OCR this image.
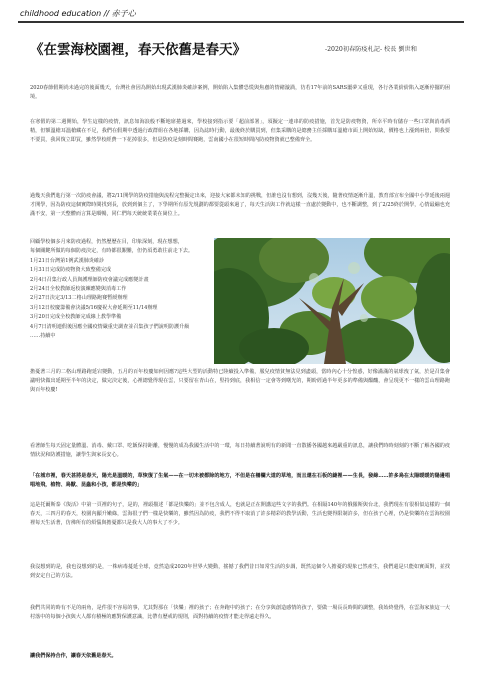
childhood education // 赤子心
《在雲海校園裡，春天依舊是春天》	-2020初春防疫札記- 校長 劉世和
2020春節假期尚未過完的後面幾天，台灣社會因為開始出現武漢肺炎確診案例，開始陷入集體恐慌與焦慮的情緒漩渦，彷若17年前的SARS噩夢又重現，各行各業紛紛陷入逐漸停擺的困境。
在寒假的第二週開始，學生這樣的疫情，訊息如海浪般不斷地席捲過來，學校接到指示要「超前部署」，須擬定一連串的防疫措施，首先是防疫物資，所幸平時有儲存一些口罩與消毒酒精，但額溫槍耳溫槍藏在不足，我們在假期中透過行政群組在各地採購，因為誌時行動，最後終於購買到，但集采購的是總務主任採購耳溫槍市面上開始短缺，價格也上漲到兩倍，問我要不要買，我回復立即買，雖然學校經費一下花掉很多，但是防疫是刻時間賽跑，雲南國小在很短時間內防疫物資就已整備齊全。
過幾天我們進行第一次防疫會議，將2/11開學的防疫措施與流程完整擬定出來，迎接大家都未知的挑戰，但誰也沒有想到，沒幾天後，隨著疫情逐漸升溫，教育部宣布全國中小學延後兩週才開學，因為防疫這個實際時間找到長，放到到個主了，下學期所有原先規劃的都要從頭來過了，每天生活與工作就這樣一直處於變動中，也不斷調整，到了2/25終於開學，心情最繃也充滿不安，第一天整體而言算是順暢，同仁們每天統統業業在崗位上。
回顧學校個多月來防疫過程，仍然歷歷在目，印象深刻，現在想想，
每個關鍵所做的每個防疫決定，有時都很艱難，但仍須勇敢往前走下去。
1月21日台灣第1例武漢肺炎確診
1月31日完成防疫物資大致整備完成
2月4日召集行政人員與護理師防疫會議完成應變計畫
2月24日全校教師返校演練應變與消毒工作
2月27日決定3/13二格山理路跑賽暫緩辦理
3月12日校慶籌備會決議5/16慶祝大會延期至11/14辦理
3月20日完成全校教師完成線上教學準備
4月7日清明連假後因應全國疫情嚴重史調查並召集孩子們說明防護升級
……持續中
擔憂著三月的二格山理路跑延宕變動，五月的百年校慶如何因應?這些大型的活動特已陸續投入準備，服兒疫情貧無法見到盡頭，當時內心十分惶惑，好像滿滿的氣球洩了氣，於是召集會議明快做出延期至半年的決定，做完決定後，心裡總覺得現在雲，只要留在青山在，堅持到底，我相信一定會等到曙光的，期盼經過半年更多的準備與醞釀，會呈現更不一樣的雲山理路跑與百年校慶!
看著師生每天固定量體溫、消毒、戴口罩、吃飯保持距離，慢慢的成為我國生活中的一環，每日持續著說明有的新聞一直散播各國越來越嚴重的訊息，讓我們時時刻刻的不斷了解各國的疫情狀況和防護措施，讓學生與家長安心。
「在城市裡，春天甚將是春天，陽光是溫暖的，草恢復了生氣——在一切未被都除的地方，不但是在柵欄大道的草地，而且還在石板的縫裡——生長，發綠……許多鳥在太陽暖暖的陽邊唱唱地飛，植物、鳥獸、昆蟲和小孩，都是快樂的」
這是托爾斯泰《復活》中第一頁裡的句子，是的，裡頭描述「都是快樂的」並不包含成人，也就是正在開講這些文字的我們。在相隔140年的俄羅斯與台北，我們現在有很相似這樣的一個春天，三四月的春天，校園內顯升嫩綠，雲海很子們一樣是快樂的，雖然因為防疫，我們不得不取消了許多精彩的教學活動，生活也變得限制許多，但在孩子心裡，仍是快樂的在雲海校園裡每天生活著，彷彿所有的煩惱與擔憂都只是我大人的事大了不少。
我沒想到的是，我也沒想到的是，一株病毒蔓延全球，竟然造成2020年世界大變動，搖撼了我們昔日如常生活的步調，既然這個令人擔憂的現象已然產生，我們還是只能如實面對，並找到安定自己的方法。
我們共同的時有不足的兩角，是件很不容易的事，尤其對那在「快樂」裡的孩子；在奔跑中的孩子；在分享與創造感情的孩子，要做一場長長時間的調整，我始終覺得，在雲海家族這一大村落中的每個小孩與大人都有積極的應對保護意識，比帶有歷戒的規則，面對持續的疫情才能走得遠走得久。
讓我們保持合作，讓春天依舊是春天。
